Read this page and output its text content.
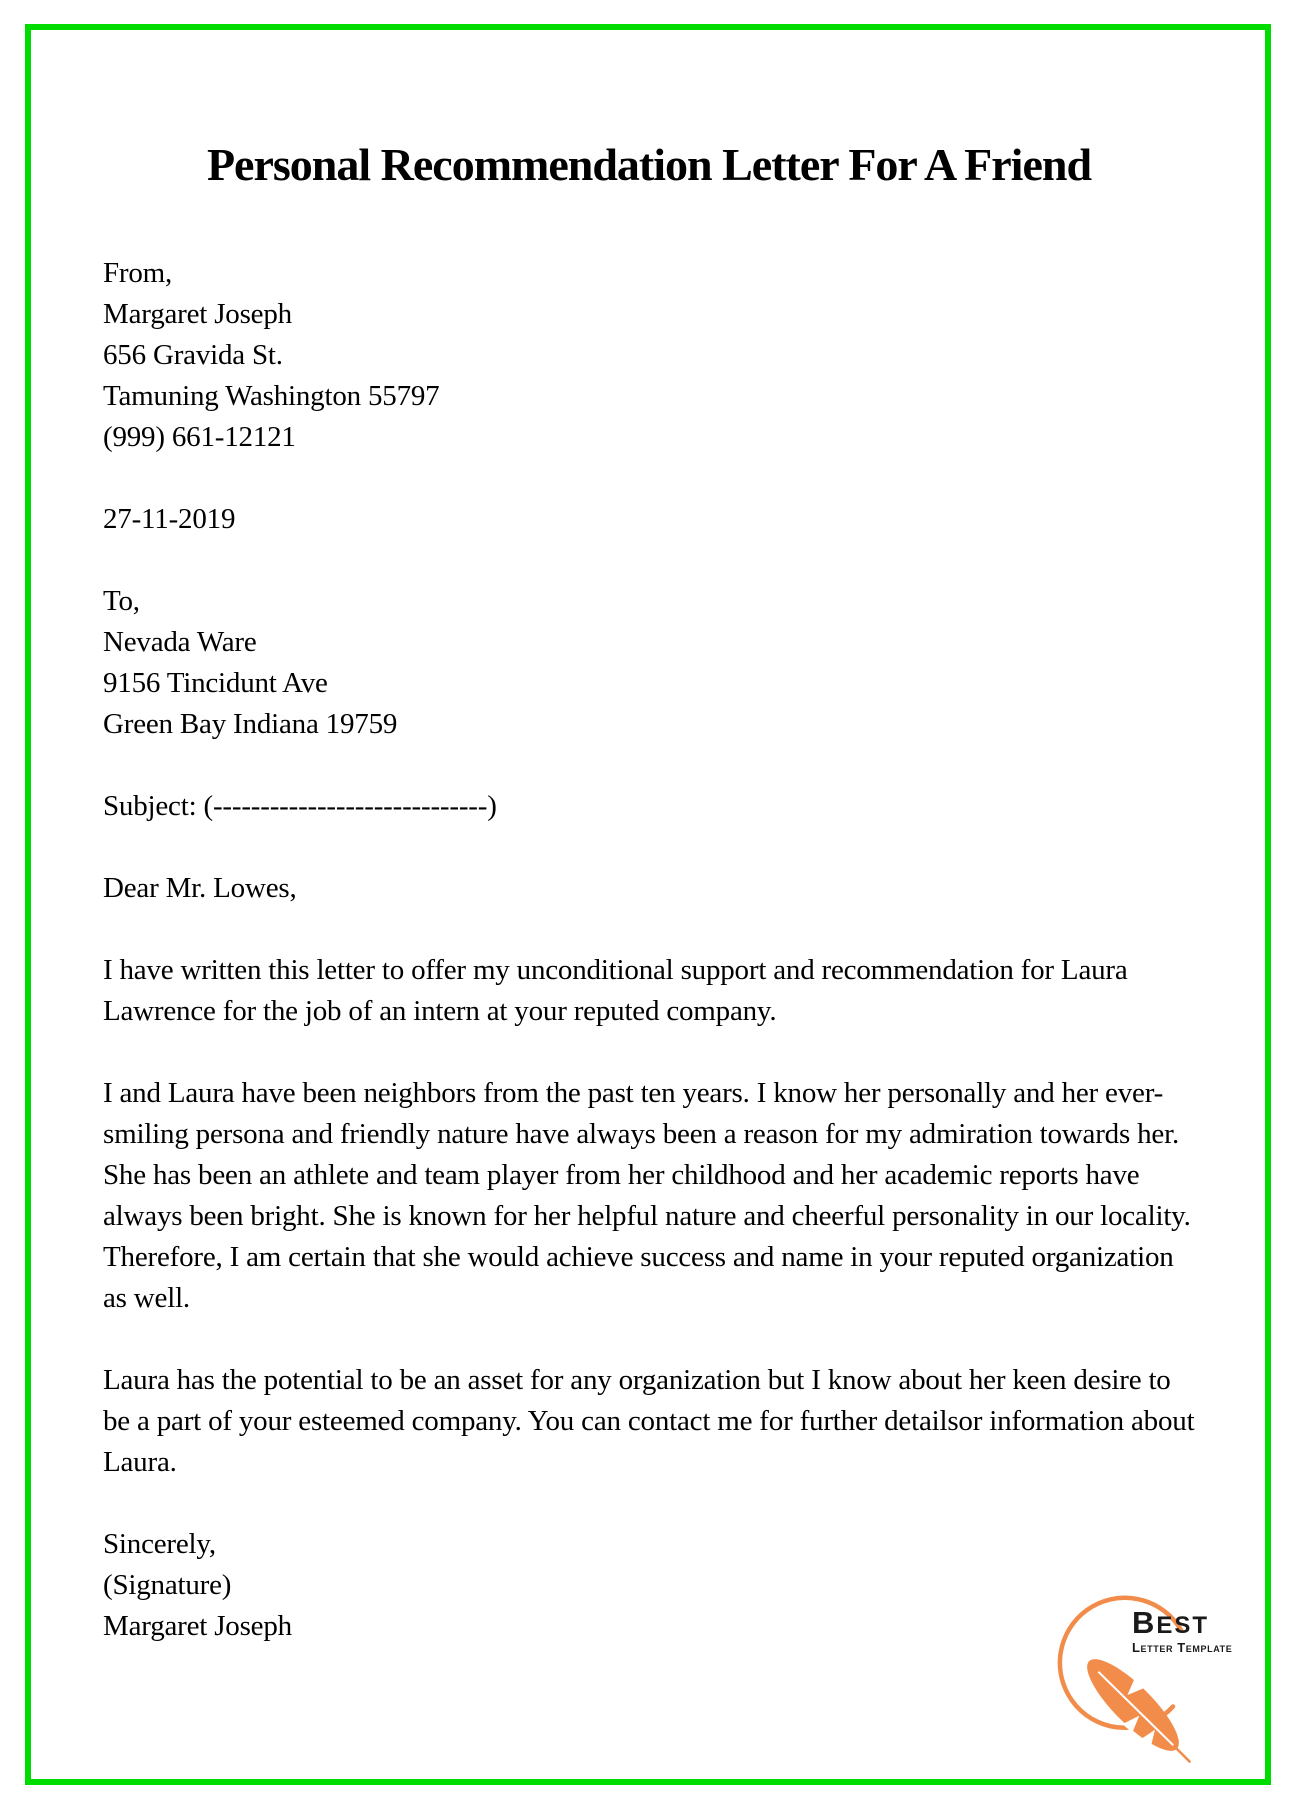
Personal Recommendation Letter For A Friend
From,
Margaret Joseph
656 Gravida St.
Tamuning Washington 55797
(999) 661-12121
27-11-2019
To,
Nevada Ware
9156 Tincidunt Ave
Green Bay Indiana 19759
Subject: (-----------------------------)
Dear Mr. Lowes,

I have written this letter to offer my unconditional support and recommendation for Laura Lawrence for the job of an intern at your reputed company.

I and Laura have been neighbors from the past ten years. I know her personally and her ever-smiling persona and friendly nature have always been a reason for my admiration towards her. She has been an athlete and team player from her childhood and her academic reports have always been bright. She is known for her helpful nature and cheerful personality in our locality. Therefore, I am certain that she would achieve success and name in your reputed organization as well.

Laura has the potential to be an asset for any organization but I know about her keen desire to be a part of your esteemed company. You can contact me for further detailsor information about Laura.

Sincerely,
(Signature)
Margaret Joseph	BEST
Letter Template
